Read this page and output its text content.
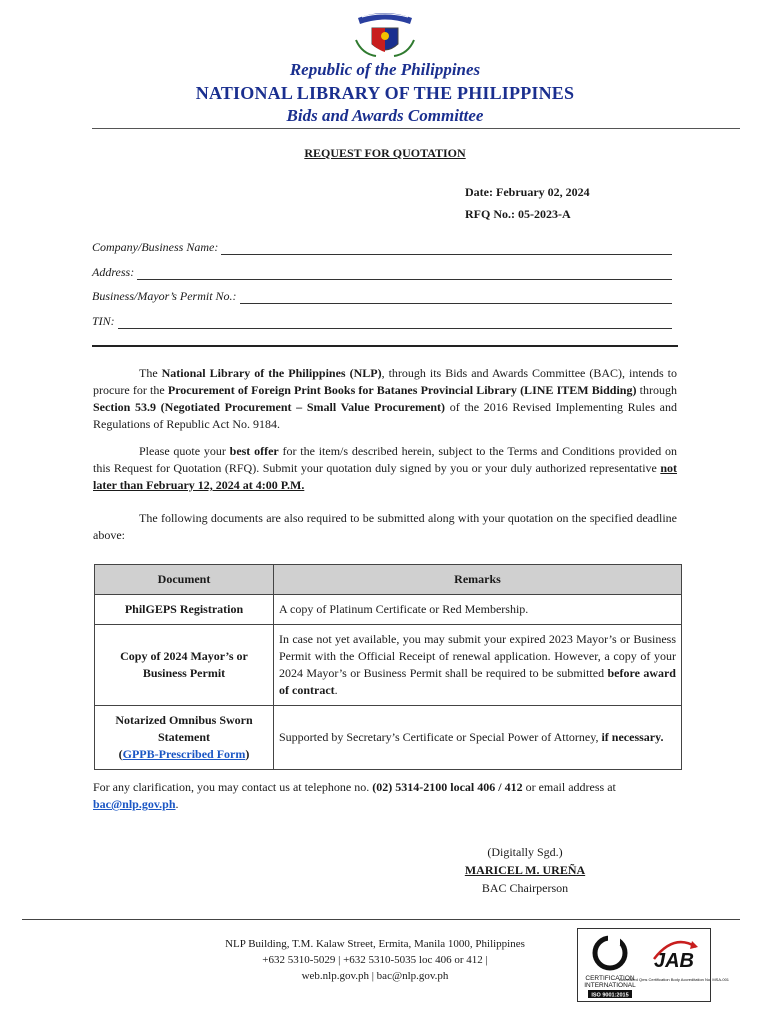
Republic of the Philippines
NATIONAL LIBRARY OF THE PHILIPPINES
Bids and Awards Committee
REQUEST FOR QUOTATION
Date: February 02, 2024
RFQ No.: 05-2023-A
Company/Business Name:
Address:
Business/Mayor’s Permit No.:
TIN:
The National Library of the Philippines (NLP), through its Bids and Awards Committee (BAC), intends to procure for the Procurement of Foreign Print Books for Batanes Provincial Library (LINE ITEM Bidding) through Section 53.9 (Negotiated Procurement – Small Value Procurement) of the 2016 Revised Implementing Rules and Regulations of Republic Act No. 9184.
Please quote your best offer for the item/s described herein, subject to the Terms and Conditions provided on this Request for Quotation (RFQ). Submit your quotation duly signed by you or your duly authorized representative not later than February 12, 2024 at 4:00 P.M.
The following documents are also required to be submitted along with your quotation on the specified deadline above:
Document	Remarks
PhilGEPS Registration	A copy of Platinum Certificate or Red Membership.
Copy of 2024 Mayor’s or Business Permit	In case not yet available, you may submit your expired 2023 Mayor’s or Business Permit with the Official Receipt of renewal application. However, a copy of your 2024 Mayor’s or Business Permit shall be required to be submitted before award of contract.
Notarized Omnibus Sworn Statement
(GPPB-Prescribed Form)	Supported by Secretary’s Certificate or Special Power of Attorney, if necessary.
For any clarification, you may contact us at telephone no. (02) 5314-2100 local 406 / 412 or email address at bac@nlp.gov.ph.
(Digitally Sgd.)
MARICEL M. UREÑA
BAC Chairperson
NLP Building, T.M. Kalaw Street, Ermita, Manila 1000, Philippines
+632 5310-5029 | +632 5310-5035 loc 406 or 412 |
web.nlp.gov.ph | bac@nlp.gov.ph	CERTIFICATION
INTERNATIONAL
ISO 9001:2015
JAB
Accredited Qms Certification Body Accreditation No. MSA-001
